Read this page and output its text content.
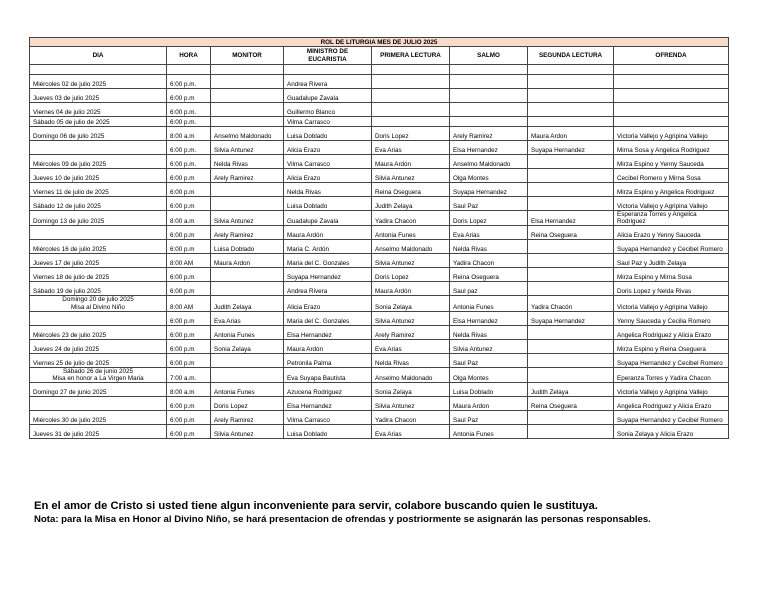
ROL DE LITURGIA MES DE JULIO 2025							
DIA	HORA	MONITOR	MINISTRO DE EUCARISTIA	PRIMERA LECTURA	SALMO	SEGUNDA LECTURA	OFRENDA

Miércoles 02 de julio 2025	6:00 p.m.		Andrea Rivera				
Jueves 03 de julio 2025	6:00 p.m		Guadalupe Zavala				
Viernes 04 de julio 2025	6:00 p.m.		Guillermo Blanco				
Sábado 05 de julio de 2025	6:00 p.m.		Vilma Carrasco				
Domingo 06 de julio 2025	8:00 a.m	Anselmo Maldonado	Luisa Doblado	Doris Lopez	Arely Ramirez	Maura Ardon	Victoria Vallejo y Agripina Vallejo
	6:00 p.m.	Silvia Antunez	Alicia Erazo	Eva Arias	Elsa Hernandez	Suyapa Hernandez	Mirna Sosa y Angelica Rodriguez
Miércoles 09 de julio 2025	6:00 p.m.	Nelda Rivas	Vilma Carrasco	Maura Ardón	Anselmo Maldonado		Mirza Espino y Yenny Sauceda
Jueves 10 de julio 2025	6:00 p.m	Arely Ramirez	Alicia Erazo	Silvia Antunez	Olga Montes		Cecibel Romero y Mirna Sosa
Viernes 11 de julio de 2025	6:00 p.m		Nelda Rivas	Reina Oseguera	Suyapa Hernandez		Mirza Espino y Angelica Rodriguez
Sábado 12 de julio 2025	6:00 p.m		Luisa Doblado	Judith Zelaya	Saul Paz		Victoria Vallejo y Agripina Vallejo
Domingo 13 de julio 2025	8:00 a.m	Silvia Antunez	Guadalupe Zavala	Yadira Chacon	Doris Lopez	Elsa Hernandez	Esperanza Torres y Angelica Rodriguez
	6:00 p.m	Arely Ramirez	Maura Ardón	Antonia Funes	Eva Arias	Reina Oseguera	Alicia Erazo y Yenny Sauceda
Miércoles 16 de julio 2025	6:00 p.m	Luisa Doblado	Maria C. Ardón	Anselmo Maldonado	Nelda Rivas		Suyapa Hernandez y Cecibel Romero
Jueves 17 de julio 2025	8:00 AM	Maura Ardon	Maria del C. Gonzales	Silvia Antunez	Yadira Chacon		Saul Paz y Judith Zelaya
Viernes 18 de julio de 2025	6:00 p.m		Suyapa Hernandez	Doris Lopez	Reina Oseguera		Mirza Espino y Mirna Sosa
Sábado 19 de julio 2025	6:00 p.m		Andrea Rivera	Maura Ardón	Saul paz		Doris Lopez y Nelda Rivas

Domingo 20 de julio 2025
Misa al Divino Niño	8:00 AM	Judith Zelaya	Alicia Erazo	Sonia Zelaya	Antonia Funes	Yadira Chacón	Victoria Vallejo y Agripina Vallejo
	6:00 p.m	Eva Arias	Maria del C. Gonzales	Silvia Antunez	Elsa Hernandez	Suyapa Hernandez	Yenny Sauceda y Cecilia Romero
Miércoles 23 de julio 2025	6:00 p.m	Antonia Funes	Elsa Hernandez	Arely Ramirez	Nelda Rivas		Angelica Rodriguez y Alicia Erazo
Jueves 24 de julio 2025	6:00 p.m	Sonia Zelaya	Maura Ardón	Eva Arias	Silvia Antunez		Mirza Espino y Reina Oseguera
Viernes 25 de julio de 2025	6:00 p.m		Petronila Palma	Nelda Rivas	Saul Paz		Suyapa Hernandez y Cecibel Romero

Sábado 26 de junio 2025
Misa en honor a La Virgen Maria	7:00 a.m.		Eva Suyapa Bautista	Anselmo Maldonado	Olga Montes		Eperanza Torres y Yadira Chacon
Domingo 27 de junio 2025	8:00 a.m	Antonia Funes	Azucena Rodriguez	Sonia Zelaya	Luisa Doblado	Judith Zelaya	Victoria Vallejo y Agripina Vallejo
	6:00 p.m	Doris Lopez	Elsa Hernandez	Silvia Antunez	Maura Ardon	Reina Oseguera	Angelica Rodriguez y Alicia Erazo
Miércoles 30 de julio 2025	6:00 p.m	Arely Ramirez	Vilma Carrasco	Yadira Chacon	Saul Paz		Suyapa Hernandez y Cecibel Romero
Jueves 31 de julio 2025	6:00 p.m	Silvia Antunez	Luisa Doblado	Eva Arias	Antonia Funes		Sonia Zelaya y Alicia Erazo
En el amor de Cristo si usted tiene algun inconveniente para servir, colabore buscando quien le sustituya.
Nota: para la Misa en Honor al Divino Niño, se hará presentacion de ofrendas y postriormente se asignarán las personas responsables.
